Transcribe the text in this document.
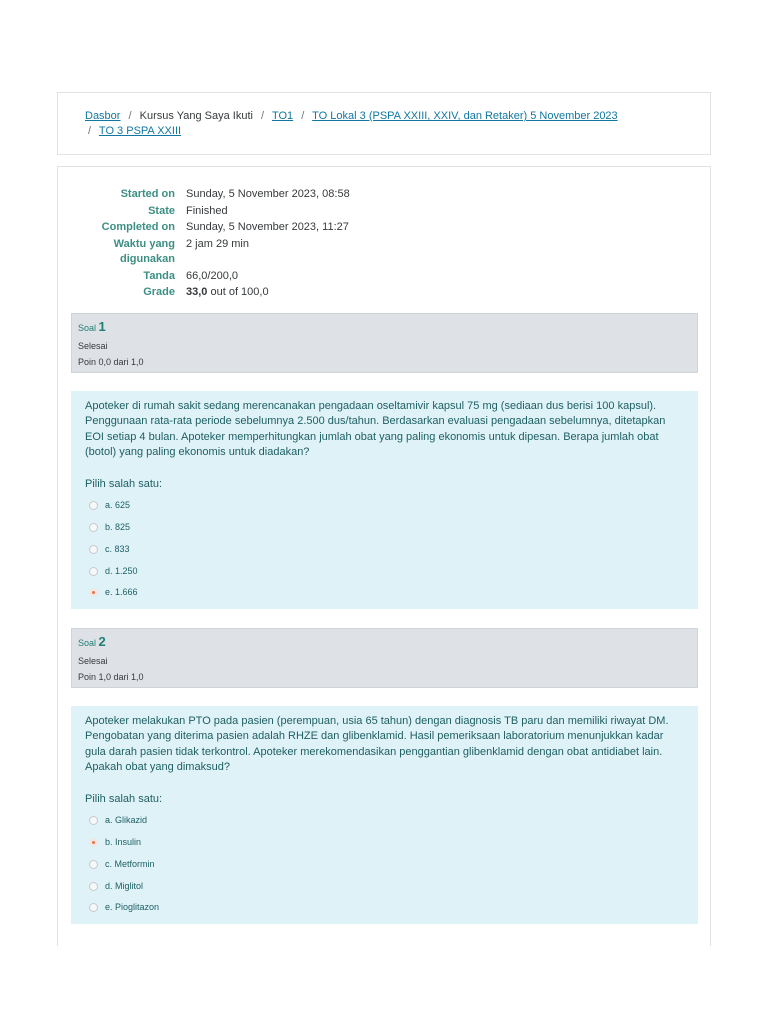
Dasbor / Kursus Yang Saya Ikuti / TO1 / TO Lokal 3 (PSPA XXIII, XXIV, dan Retaker) 5 November 2023
/ TO 3 PSPA XXIII
Started on Sunday, 5 November 2023, 08:58
State Finished
Completed on Sunday, 5 November 2023, 11:27
Waktu yang
digunakan
2 jam 29 min
Tanda 66,0/200,0
Grade 33,0 out of 100,0
Soal 1
Selesai
Poin 0,0 dari 1,0
Apoteker di rumah sakit sedang merencanakan pengadaan oseltamivir kapsul 75 mg (sediaan dus berisi 100 kapsul). Penggunaan rata-rata periode sebelumnya 2.500 dus/tahun. Berdasarkan evaluasi pengadaan sebelumnya, ditetapkan EOI setiap 4 bulan. Apoteker memperhitungkan jumlah obat yang paling ekonomis untuk dipesan. Berapa jumlah obat (botol) yang paling ekonomis untuk diadakan?
Pilih salah satu:
a. 625
b. 825
c. 833
d. 1.250
e. 1.666
Soal 2
Selesai
Poin 1,0 dari 1,0
Apoteker melakukan PTO pada pasien (perempuan, usia 65 tahun) dengan diagnosis TB paru dan memiliki riwayat DM. Pengobatan yang diterima pasien adalah RHZE dan glibenklamid. Hasil pemeriksaan laboratorium menunjukkan kadar gula darah pasien tidak terkontrol. Apoteker merekomendasikan penggantian glibenklamid dengan obat antidiabet lain. Apakah obat yang dimaksud?
Pilih salah satu:
a. Glikazid
b. Insulin
c. Metformin
d. Miglitol
e. Pioglitazon
